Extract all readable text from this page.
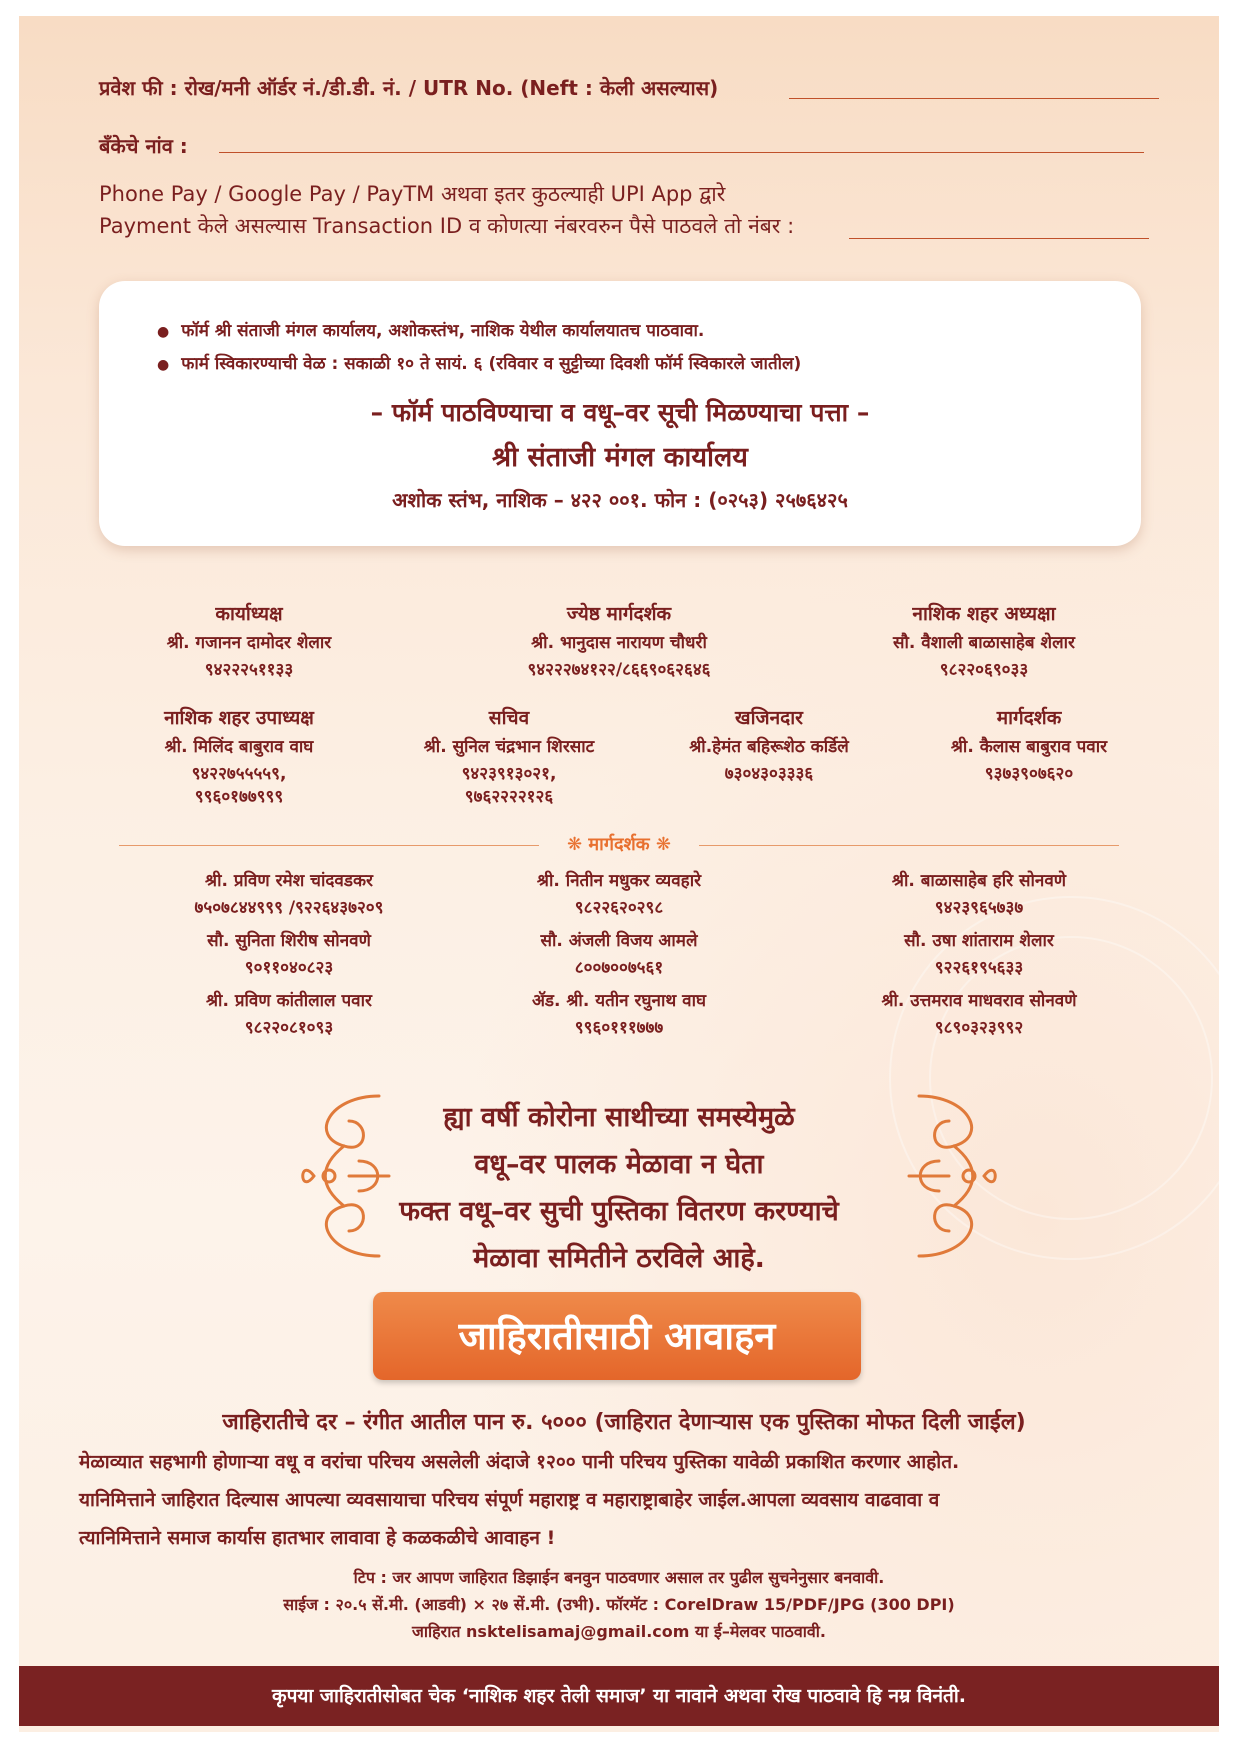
प्रवेश फी : रोख/मनी ऑर्डर नं./डी.डी. नं. / UTR No. (Neft : केली असल्यास)
बँकेचे नांव :
Phone Pay / Google Pay / PayTM अथवा इतर कुठल्याही UPI App द्वारे
Payment केले असल्यास Transaction ID व कोणत्या नंबरवरुन पैसे पाठवले तो नंबर :
● फॉर्म श्री संताजी मंगल कार्यालय, अशोकस्तंभ, नाशिक येथील कार्यालयातच पाठवावा.
● फार्म स्विकारण्याची वेळ : सकाळी १० ते सायं. ६ (रविवार व सुट्टीच्या दिवशी फॉर्म स्विकारले जातील)
– फॉर्म पाठविण्याचा व वधू–वर सूची मिळण्याचा पत्ता –
श्री संताजी मंगल कार्यालय
अशोक स्तंभ, नाशिक – ४२२ ००१. फोन : (०२५३) २५७६४२५
कार्याध्यक्ष
श्री. गजानन दामोदर शेलार
९४२२२५११३३
ज्येष्ठ मार्गदर्शक
श्री. भानुदास नारायण चौधरी
९४२२२७४१२२/८६६९०६२६४६
नाशिक शहर अध्यक्षा
सौ. वैशाली बाळासाहेब शेलार
९८२२०६९०३३
नाशिक शहर उपाध्यक्ष
श्री. मिलिंद बाबुराव वाघ
९४२२७५५५५९,
९९६०१७७९९९
सचिव
श्री. सुनिल चंद्रभान शिरसाट
९४२३९१३०२१,
९७६२२२२१२६
खजिनदार
श्री.हेमंत बहिरूशेठ कर्डिले
७३०४३०३३३६
मार्गदर्शक
श्री. कैलास बाबुराव पवार
९३७३९०७६२०
❋ मार्गदर्शक ❋
श्री. प्रविण रमेश चांदवडकर
७५०७८४४९९९ /९२२६४३७२०९
सौ. सुनिता शिरीष सोनवणे
९०११०४०८२३
श्री. प्रविण कांतीलाल पवार
९८२२०८१०९३
श्री. नितीन मधुकर व्यवहारे
९८२२६२०२९८
सौ. अंजली विजय आमले
८००७००७५६१
ॲड. श्री. यतीन रघुनाथ वाघ
९९६०१११७७७
श्री. बाळासाहेब हरि सोनवणे
९४२३९६५७३७
सौ. उषा शांताराम शेलार
९२२६१९५६३३
श्री. उत्तमराव माधवराव सोनवणे
९८९०३२३९९२
ह्या वर्षी कोरोना साथीच्या समस्येमुळे
वधू–वर पालक मेळावा न घेता
फक्त वधू–वर सुची पुस्तिका वितरण करण्याचे
मेळावा समितीने ठरविले आहे.
जाहिरातीसाठी आवाहन
जाहिरातीचे दर – रंगीत आतील पान रु. ५००० (जाहिरात देणाऱ्यास एक पुस्तिका मोफत दिली जाईल)
मेळाव्यात सहभागी होणाऱ्या वधू व वरांचा परिचय असलेली अंदाजे १२०० पानी परिचय पुस्तिका यावेळी प्रकाशित करणार आहोत.
यानिमित्ताने जाहिरात दिल्यास आपल्या व्यवसायाचा परिचय संपूर्ण महाराष्ट्र व महाराष्ट्राबाहेर जाईल.आपला व्यवसाय वाढवावा व
त्यानिमित्ताने समाज कार्यास हातभार लावावा हे कळकळीचे आवाहन !
टिप : जर आपण जाहिरात डिझाईन बनवुन पाठवणार असाल तर पुढील सुचनेनुसार बनवावी.
साईज : २०.५ सें.मी. (आडवी) × २७ सें.मी. (उभी). फॉरमॅट : CorelDraw 15/PDF/JPG (300 DPI)
जाहिरात nsktelisamaj@gmail.com या ई–मेलवर पाठवावी.
कृपया जाहिरातीसोबत चेक ‘नाशिक शहर तेली समाज’ या नावाने अथवा रोख पाठवावे हि नम्र विनंती.
